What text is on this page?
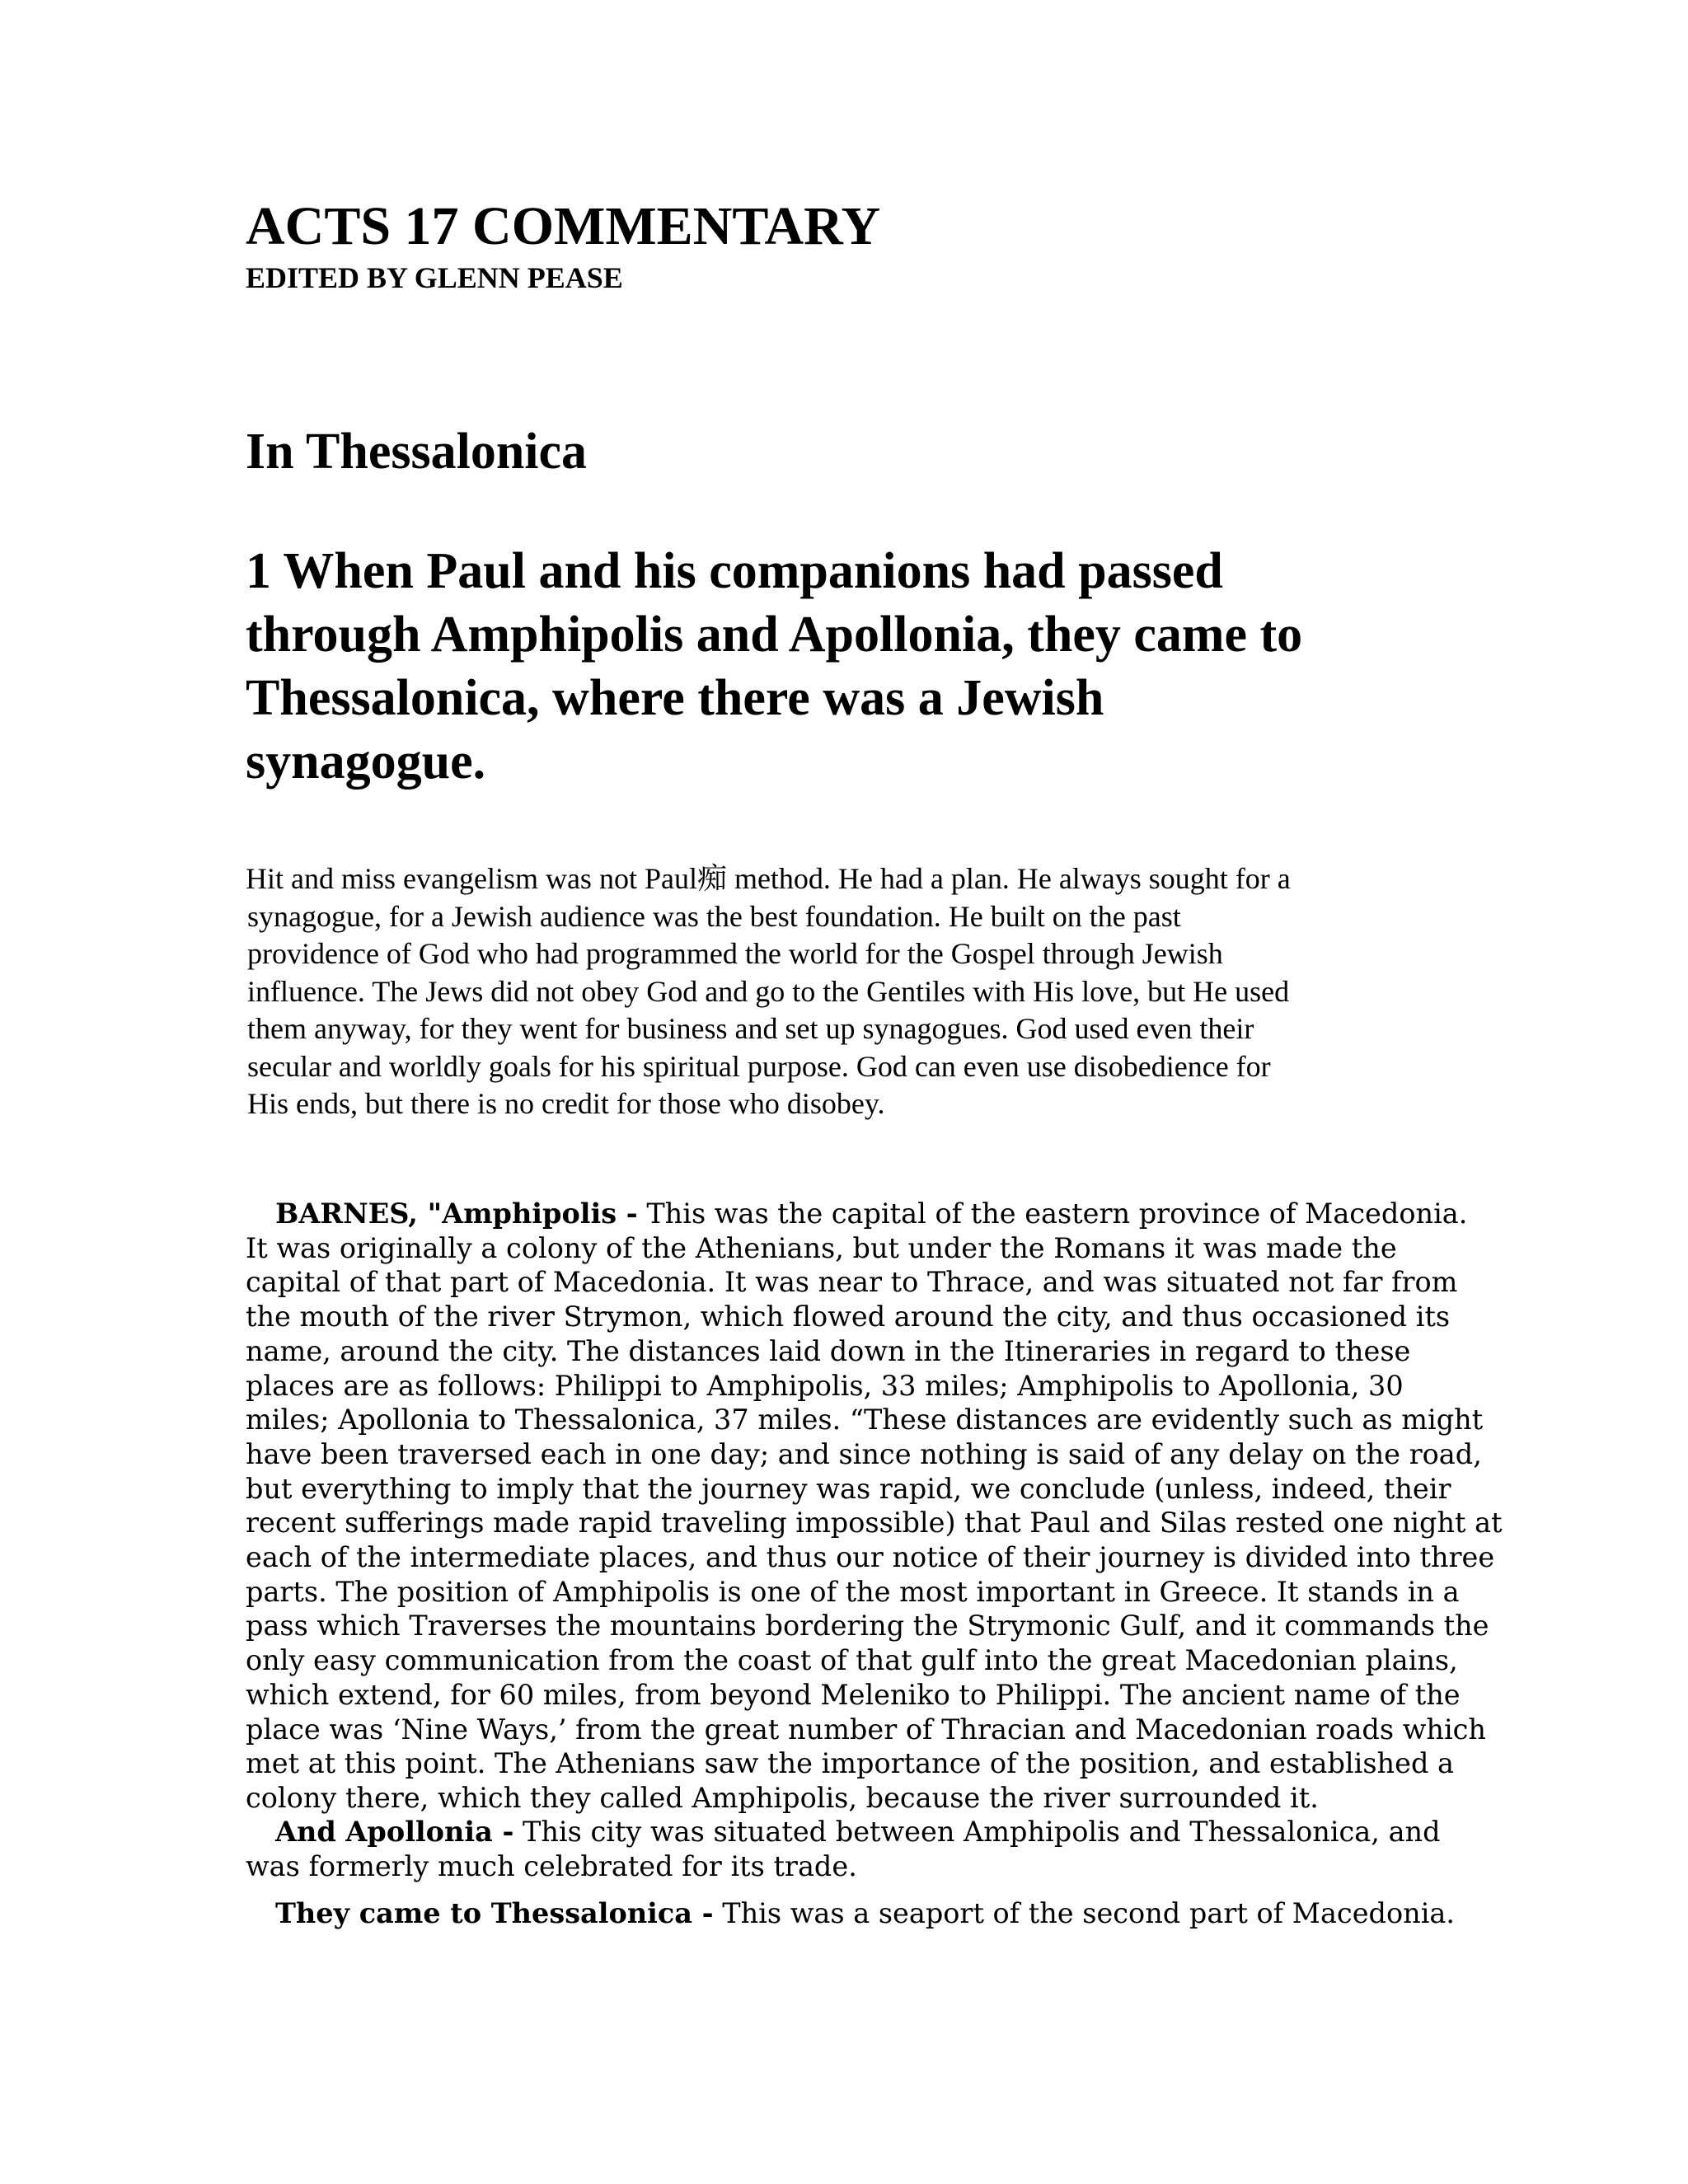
ACTS 17 COMMENTARY
EDITED BY GLENN PEASE
In Thessalonica
1 When Paul and his companions had passed
through Amphipolis and Apollonia, they came to
Thessalonica, where there was a Jewish
synagogue.
Hit and miss evangelism was not Paul痴 method. He had a plan. He always sought for a
synagogue, for a Jewish audience was the best foundation. He built on the past
providence of God who had programmed the world for the Gospel through Jewish
influence. The Jews did not obey God and go to the Gentiles with His love, but He used
them anyway, for they went for business and set up synagogues. God used even their
secular and worldly goals for his spiritual purpose. God can even use disobedience for
His ends, but there is no credit for those who disobey.
BARNES, "Amphipolis - This was the capital of the eastern province of Macedonia.
It was originally a colony of the Athenians, but under the Romans it was made the
capital of that part of Macedonia. It was near to Thrace, and was situated not far from
the mouth of the river Strymon, which flowed around the city, and thus occasioned its
name, around the city. The distances laid down in the Itineraries in regard to these
places are as follows: Philippi to Amphipolis, 33 miles; Amphipolis to Apollonia, 30
miles; Apollonia to Thessalonica, 37 miles. “These distances are evidently such as might
have been traversed each in one day; and since nothing is said of any delay on the road,
but everything to imply that the journey was rapid, we conclude (unless, indeed, their
recent sufferings made rapid traveling impossible) that Paul and Silas rested one night at
each of the intermediate places, and thus our notice of their journey is divided into three
parts. The position of Amphipolis is one of the most important in Greece. It stands in a
pass which Traverses the mountains bordering the Strymonic Gulf, and it commands the
only easy communication from the coast of that gulf into the great Macedonian plains,
which extend, for 60 miles, from beyond Meleniko to Philippi. The ancient name of the
place was ‘Nine Ways,’ from the great number of Thracian and Macedonian roads which
met at this point. The Athenians saw the importance of the position, and established a
colony there, which they called Amphipolis, because the river surrounded it.
And Apollonia - This city was situated between Amphipolis and Thessalonica, and
was formerly much celebrated for its trade.
They came to Thessalonica - This was a seaport of the second part of Macedonia.
